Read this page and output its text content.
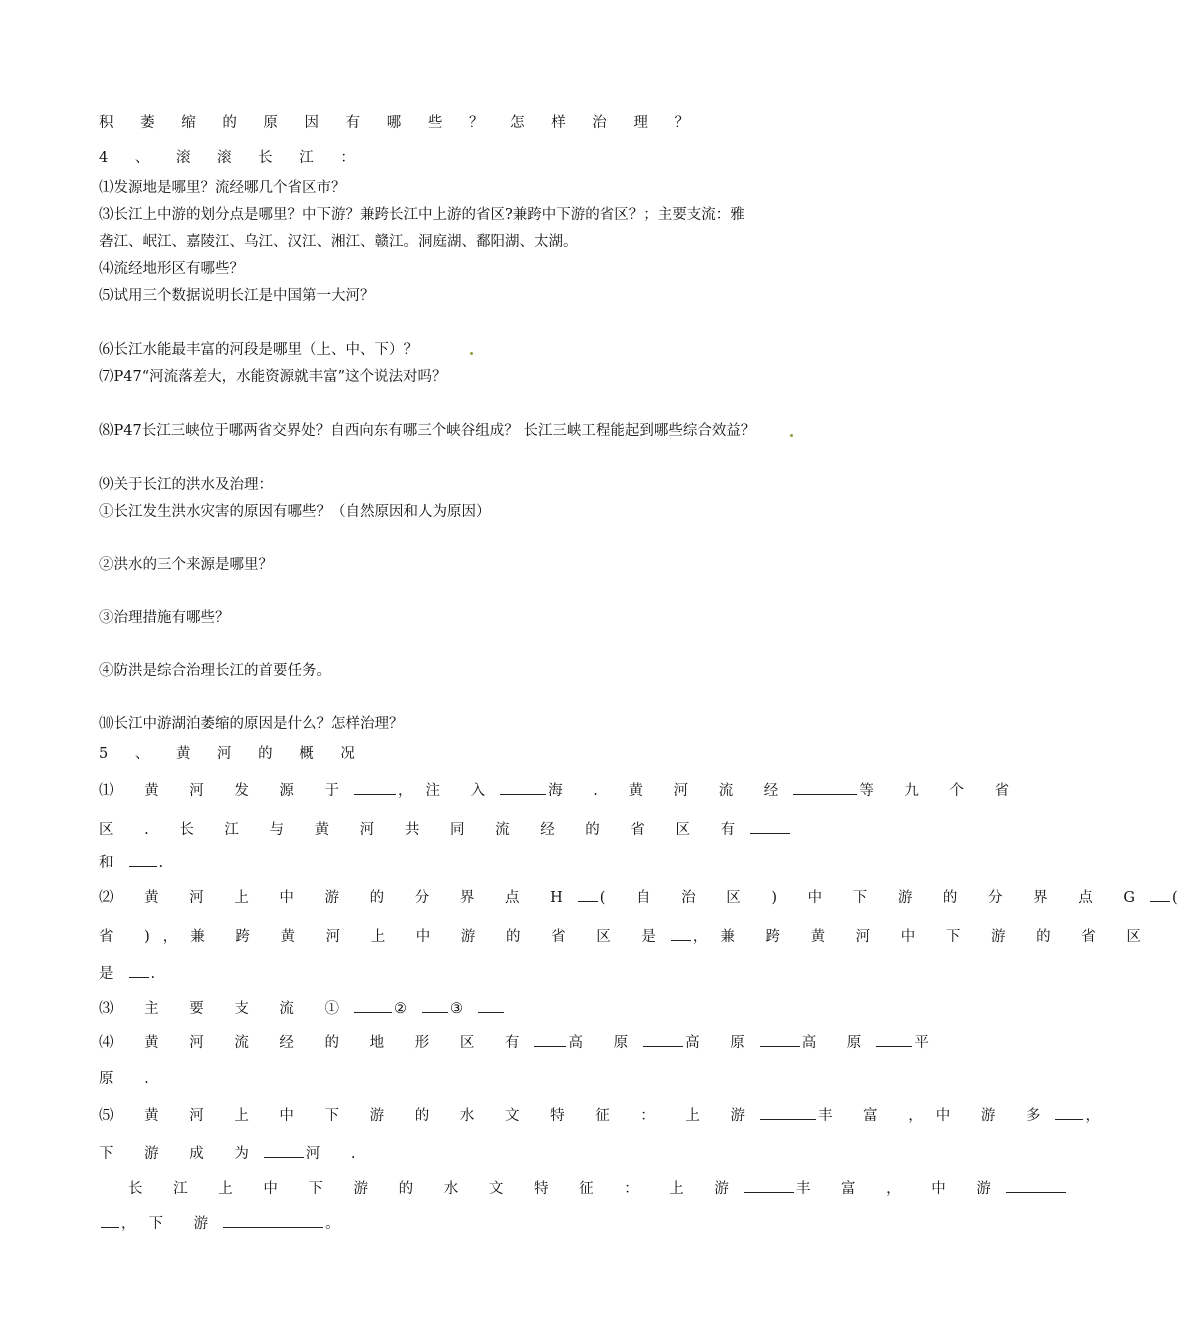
积 萎 缩 的 原 因 有 哪 些 ？ 怎 样 治 理 ？
4 、 滚 滚 长 江 ：
⑴发源地是哪里？流经哪几个省区市？
⑶长江上中游的划分点是哪里？中下游？兼跨长江中上游的省区?兼跨中下游的省区？；主要支流：雅
砻江、岷江、嘉陵江、乌江、汉江、湘江、赣江。洞庭湖、鄱阳湖、太湖。
⑷流经地形区有哪些？
⑸试用三个数据说明长江是中国第一大河？
⑹长江水能最丰富的河段是哪里（上、中、下）？
⑺P47“河流落差大，水能资源就丰富”这个说法对吗？
⑻P47长江三峡位于哪两省交界处？自西向东有哪三个峡谷组成？ 长江三峡工程能起到哪些综合效益？
⑼关于长江的洪水及治理：
①长江发生洪水灾害的原因有哪些？（自然原因和人为原因）
②洪水的三个来源是哪里？
③治理措施有哪些？
④防洪是综合治理长江的首要任务。
⑽长江中游湖泊萎缩的原因是什么？怎样治理？
5 、 黄 河 的 概 况
⑴ 黄 河 发 源 于	，注 入	海 . 黄 河 流 经	等 九 个 省
区 . 长 江 与 黄 河 共 同 流 经 的 省 区 有
和 .
⑵ 黄 河 上 中 游 的 分 界 点 H ( 自 治 区 ) 中 下 游 的 分 界 点 G (
省 )，兼 跨 黄 河 上 中 游 的 省 区 是 ，兼 跨 黄 河 中 下 游 的 省 区
是 .
⑶ 主 要 支 流 ①	② ③
⑷ 黄 河 流 经 的 地 形 区 有 高 原	高 原	高 原	平
原 .
⑸ 黄 河 上 中 下 游 的 水 文 特 征 ： 上 游	丰 富 ，中 游 多 ，
下 游 成 为	河 .
长 江 上 中 下 游 的 水 文 特 征 ： 上 游	丰 富 ， 中 游
，下 游	。
